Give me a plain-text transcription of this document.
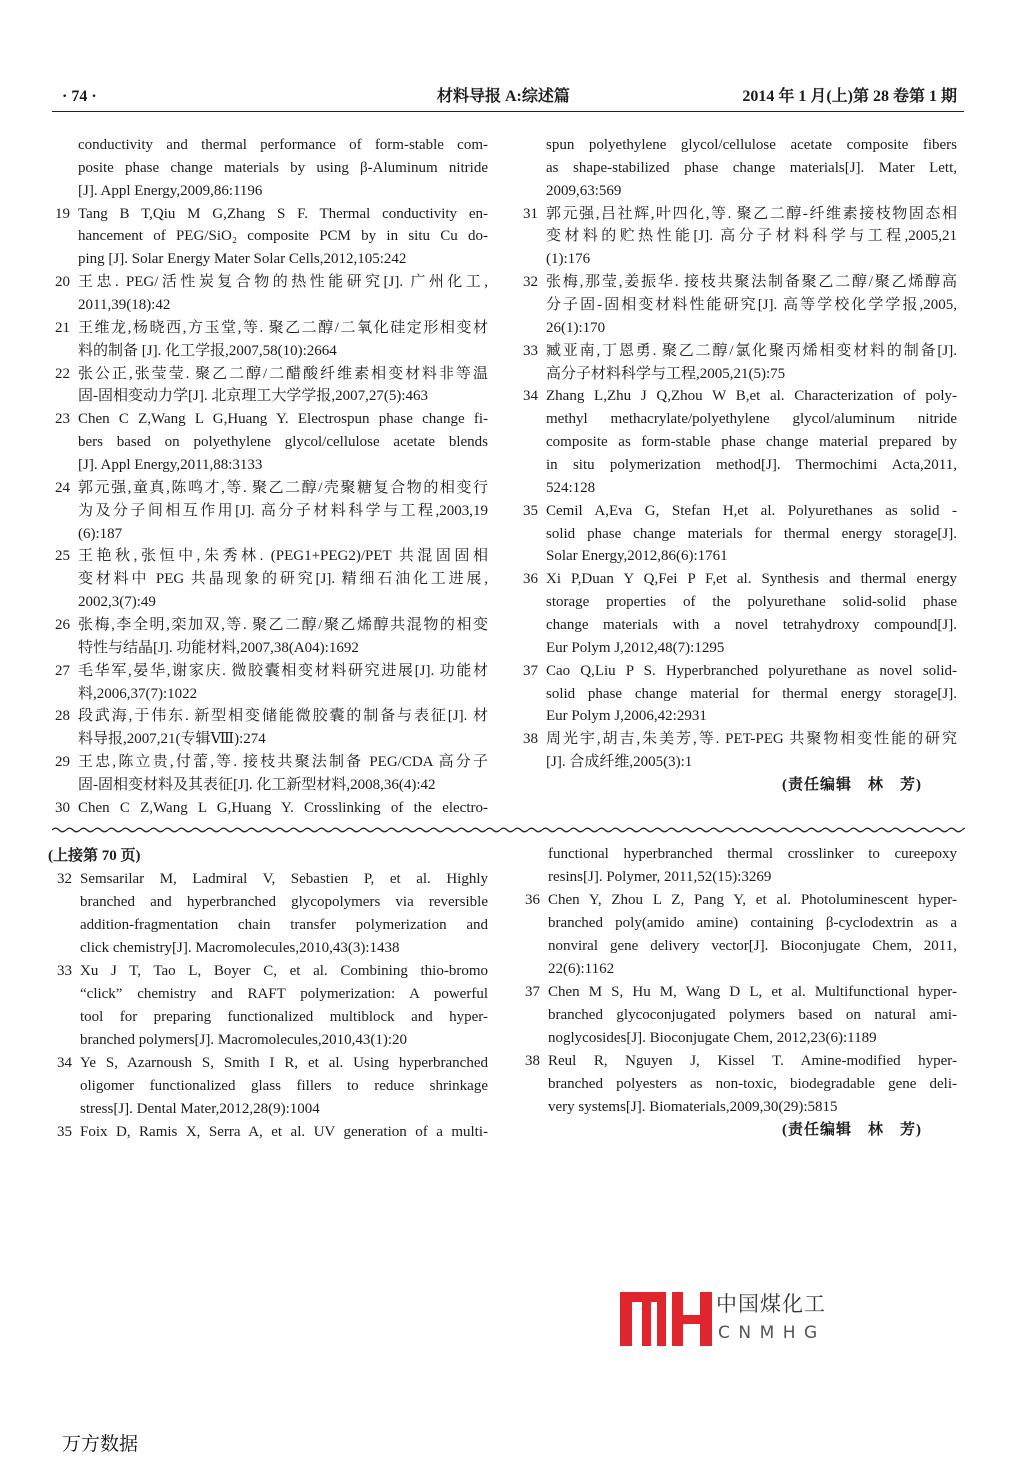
· 74 ·	材料导报 A:综述篇	2014 年 1 月(上)第 28 卷第 1 期
conductivity and thermal performance of form-stable com-
posite phase change materials by using β-Aluminum nitride
[J]. Appl Energy,2009,86:1196
19 Tang B T,Qiu M G,Zhang S F. Thermal conductivity en-
hancement of PEG/SiO₂ composite PCM by in situ Cu do-
ping [J]. Solar Energy Mater Solar Cells,2012,105:242
20 王忠. PEG/活性炭复合物的热性能研究[J]. 广州化工,
2011,39(18):42
21 王维龙,杨晓西,方玉堂,等. 聚乙二醇/二氧化硅定形相变材
料的制备 [J]. 化工学报,2007,58(10):2664
22 张公正,张莹莹. 聚乙二醇/二醋酸纤维素相变材料非等温
固-固相变动力学[J]. 北京理工大学学报,2007,27(5):463
23 Chen C Z,Wang L G,Huang Y. Electrospun phase change fi-
bers based on polyethylene glycol/cellulose acetate blends
[J]. Appl Energy,2011,88:3133
24 郭元强,童真,陈鸣才,等. 聚乙二醇/壳聚糖复合物的相变行
为及分子间相互作用[J]. 高分子材料科学与工程,2003,19
(6):187
25 王艳秋,张恒中,朱秀林. (PEG1+PEG2)/PET 共混固固相
变材料中 PEG 共晶现象的研究[J]. 精细石油化工进展,
2002,3(7):49
26 张梅,李全明,栾加双,等. 聚乙二醇/聚乙烯醇共混物的相变
特性与结晶[J]. 功能材料,2007,38(A04):1692
27 毛华军,晏华,谢家庆. 微胶囊相变材料研究进展[J]. 功能材
料,2006,37(7):1022
28 段武海,于伟东. 新型相变储能微胶囊的制备与表征[J]. 材
料导报,2007,21(专辑Ⅷ):274
29 王忠,陈立贵,付蕾,等. 接枝共聚法制备 PEG/CDA 高分子
固-固相变材料及其表征[J]. 化工新型材料,2008,36(4):42
30 Chen C Z,Wang L G,Huang Y. Crosslinking of the electro-
spun polyethylene glycol/cellulose acetate composite fibers
as shape-stabilized phase change materials[J]. Mater Lett,
2009,63:569
31 郭元强,吕社辉,叶四化,等. 聚乙二醇-纤维素接枝物固态相
变材料的贮热性能[J]. 高分子材料科学与工程,2005,21
(1):176
32 张梅,那莹,姜振华. 接枝共聚法制备聚乙二醇/聚乙烯醇高
分子固-固相变材料性能研究[J]. 高等学校化学学报,2005,
26(1):170
33 臧亚南,丁恩勇. 聚乙二醇/氯化聚丙烯相变材料的制备[J].
高分子材料科学与工程,2005,21(5):75
34 Zhang L,Zhu J Q,Zhou W B,et al. Characterization of poly-
methyl methacrylate/polyethylene glycol/aluminum nitride
composite as form-stable phase change material prepared by
in situ polymerization method[J]. Thermochimi Acta,2011,
524:128
35 Cemil A,Eva G, Stefan H,et al. Polyurethanes as solid -
solid phase change materials for thermal energy storage[J].
Solar Energy,2012,86(6):1761
36 Xi P,Duan Y Q,Fei P F,et al. Synthesis and thermal energy
storage properties of the polyurethane solid-solid phase
change materials with a novel tetrahydroxy compound[J].
Eur Polym J,2012,48(7):1295
37 Cao Q,Liu P S. Hyperbranched polyurethane as novel solid-
solid phase change material for thermal energy storage[J].
Eur Polym J,2006,42:2931
38 周光宇,胡吉,朱美芳,等. PET-PEG 共聚物相变性能的研究
[J]. 合成纤维,2005(3):1
(责任编辑　林　芳)
(上接第 70 页)
32 Semsarilar M, Ladmiral V, Sebastien P, et al. Highly
branched and hyperbranched glycopolymers via reversible
addition-fragmentation chain transfer polymerization and
click chemistry[J]. Macromolecules,2010,43(3):1438
33 Xu J T, Tao L, Boyer C, et al. Combining thio-bromo
“click” chemistry and RAFT polymerization: A powerful
tool for preparing functionalized multiblock and hyper-
branched polymers[J]. Macromolecules,2010,43(1):20
34 Ye S, Azarnoush S, Smith I R, et al. Using hyperbranched
oligomer functionalized glass fillers to reduce shrinkage
stress[J]. Dental Mater,2012,28(9):1004
35 Foix D, Ramis X, Serra A, et al. UV generation of a multi-
functional hyperbranched thermal crosslinker to cureepoxy
resins[J]. Polymer, 2011,52(15):3269
36 Chen Y, Zhou L Z, Pang Y, et al. Photoluminescent hyper-
branched poly(amido amine) containing β-cyclodextrin as a
nonviral gene delivery vector[J]. Bioconjugate Chem, 2011,
22(6):1162
37 Chen M S, Hu M, Wang D L, et al. Multifunctional hyper-
branched glycoconjugated polymers based on natural ami-
noglycosides[J]. Bioconjugate Chem, 2012,23(6):1189
38 Reul R, Nguyen J, Kissel T. Amine-modified hyper-
branched polyesters as non-toxic, biodegradable gene deli-
very systems[J]. Biomaterials,2009,30(29):5815
(责任编辑　林　芳)
中国煤化工
CNMHG
万方数据
